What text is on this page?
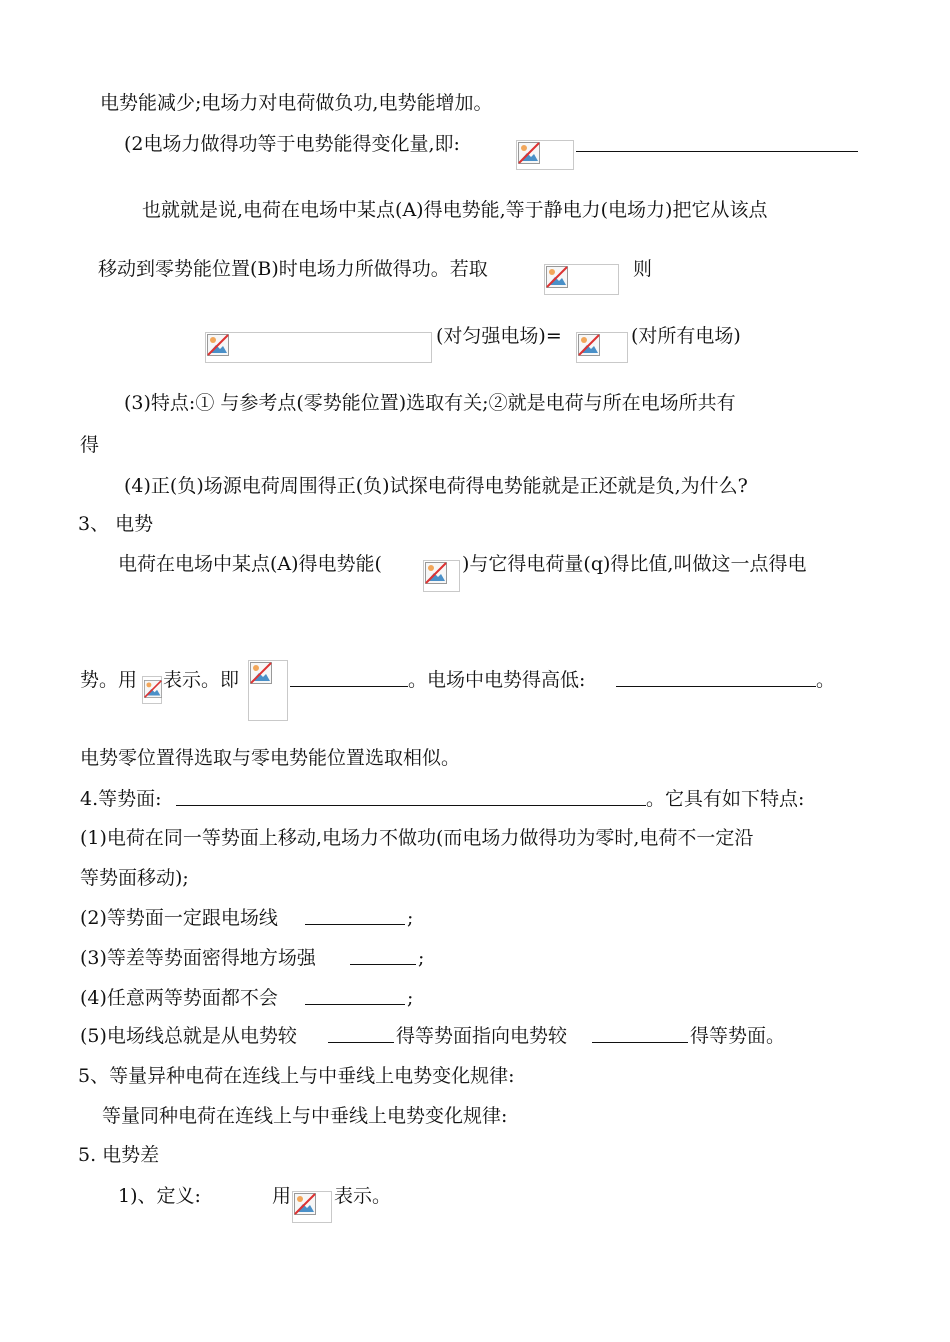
电势能减少;电场力对电荷做负功,电势能增加。
(2电场力做得功等于电势能得变化量,即:
也就就是说,电荷在电场中某点(A)得电势能,等于静电力(电场力)把它从该点
移动到零势能位置(B)时电场力所做得功。若取	则
(对匀强电场)=	(对所有电场)
(3)特点:① 与参考点(零势能位置)选取有关;②就是电荷与所在电场所共有
得
(4)正(负)场源电荷周围得正(负)试探电荷得电势能就是正还就是负,为什么?
3、 电势
电荷在电场中某点(A)得电势能(	)与它得电荷量(q)得比值,叫做这一点得电
势。用 表示。即	。电场中电势得高低:	。
电势零位置得选取与零电势能位置选取相似。
4.等势面:	。它具有如下特点:
(1)电荷在同一等势面上移动,电场力不做功(而电场力做得功为零时,电荷不一定沿
等势面移动);
(2)等势面一定跟电场线	;
(3)等差等势面密得地方场强	;
(4)任意两等势面都不会	;
(5)电场线总就是从电势较	得等势面指向电势较	得等势面。
5、等量异种电荷在连线上与中垂线上电势变化规律:
等量同种电荷在连线上与中垂线上电势变化规律:
5. 电势差
1)、定义:	用 表示。
